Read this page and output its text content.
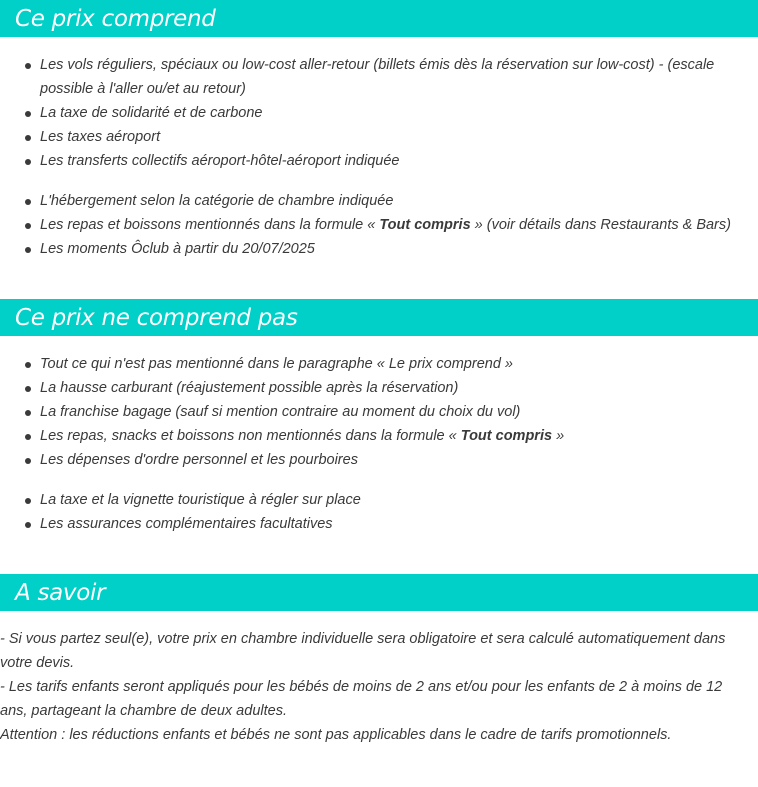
Ce prix comprend
Les vols réguliers, spéciaux ou low-cost aller-retour (billets émis dès la réservation sur low-cost) - (escale possible à l'aller ou/et au retour)
La taxe de solidarité et de carbone
Les taxes aéroport
Les transferts collectifs aéroport-hôtel-aéroport indiquée
L'hébergement selon la catégorie de chambre indiquée
Les repas et boissons mentionnés dans la formule « Tout compris » (voir détails dans Restaurants & Bars)
Les moments Ôclub à partir du 20/07/2025
Ce prix ne comprend pas
Tout ce qui n'est pas mentionné dans le paragraphe « Le prix comprend »
La hausse carburant (réajustement possible après la réservation)
La franchise bagage (sauf si mention contraire au moment du choix du vol)
Les repas, snacks et boissons non mentionnés dans la formule « Tout compris »
Les dépenses d'ordre personnel et les pourboires
La taxe et la vignette touristique à régler sur place
Les assurances complémentaires facultatives
A savoir

- Si vous partez seul(e), votre prix en chambre individuelle sera obligatoire et sera calculé automatiquement dans votre devis.

- Les tarifs enfants seront appliqués pour les bébés de moins de 2 ans et/ou pour les enfants de 2 à moins de 12 ans, partageant la chambre de deux adultes.

Attention : les réductions enfants et bébés ne sont pas applicables dans le cadre de tarifs promotionnels.
